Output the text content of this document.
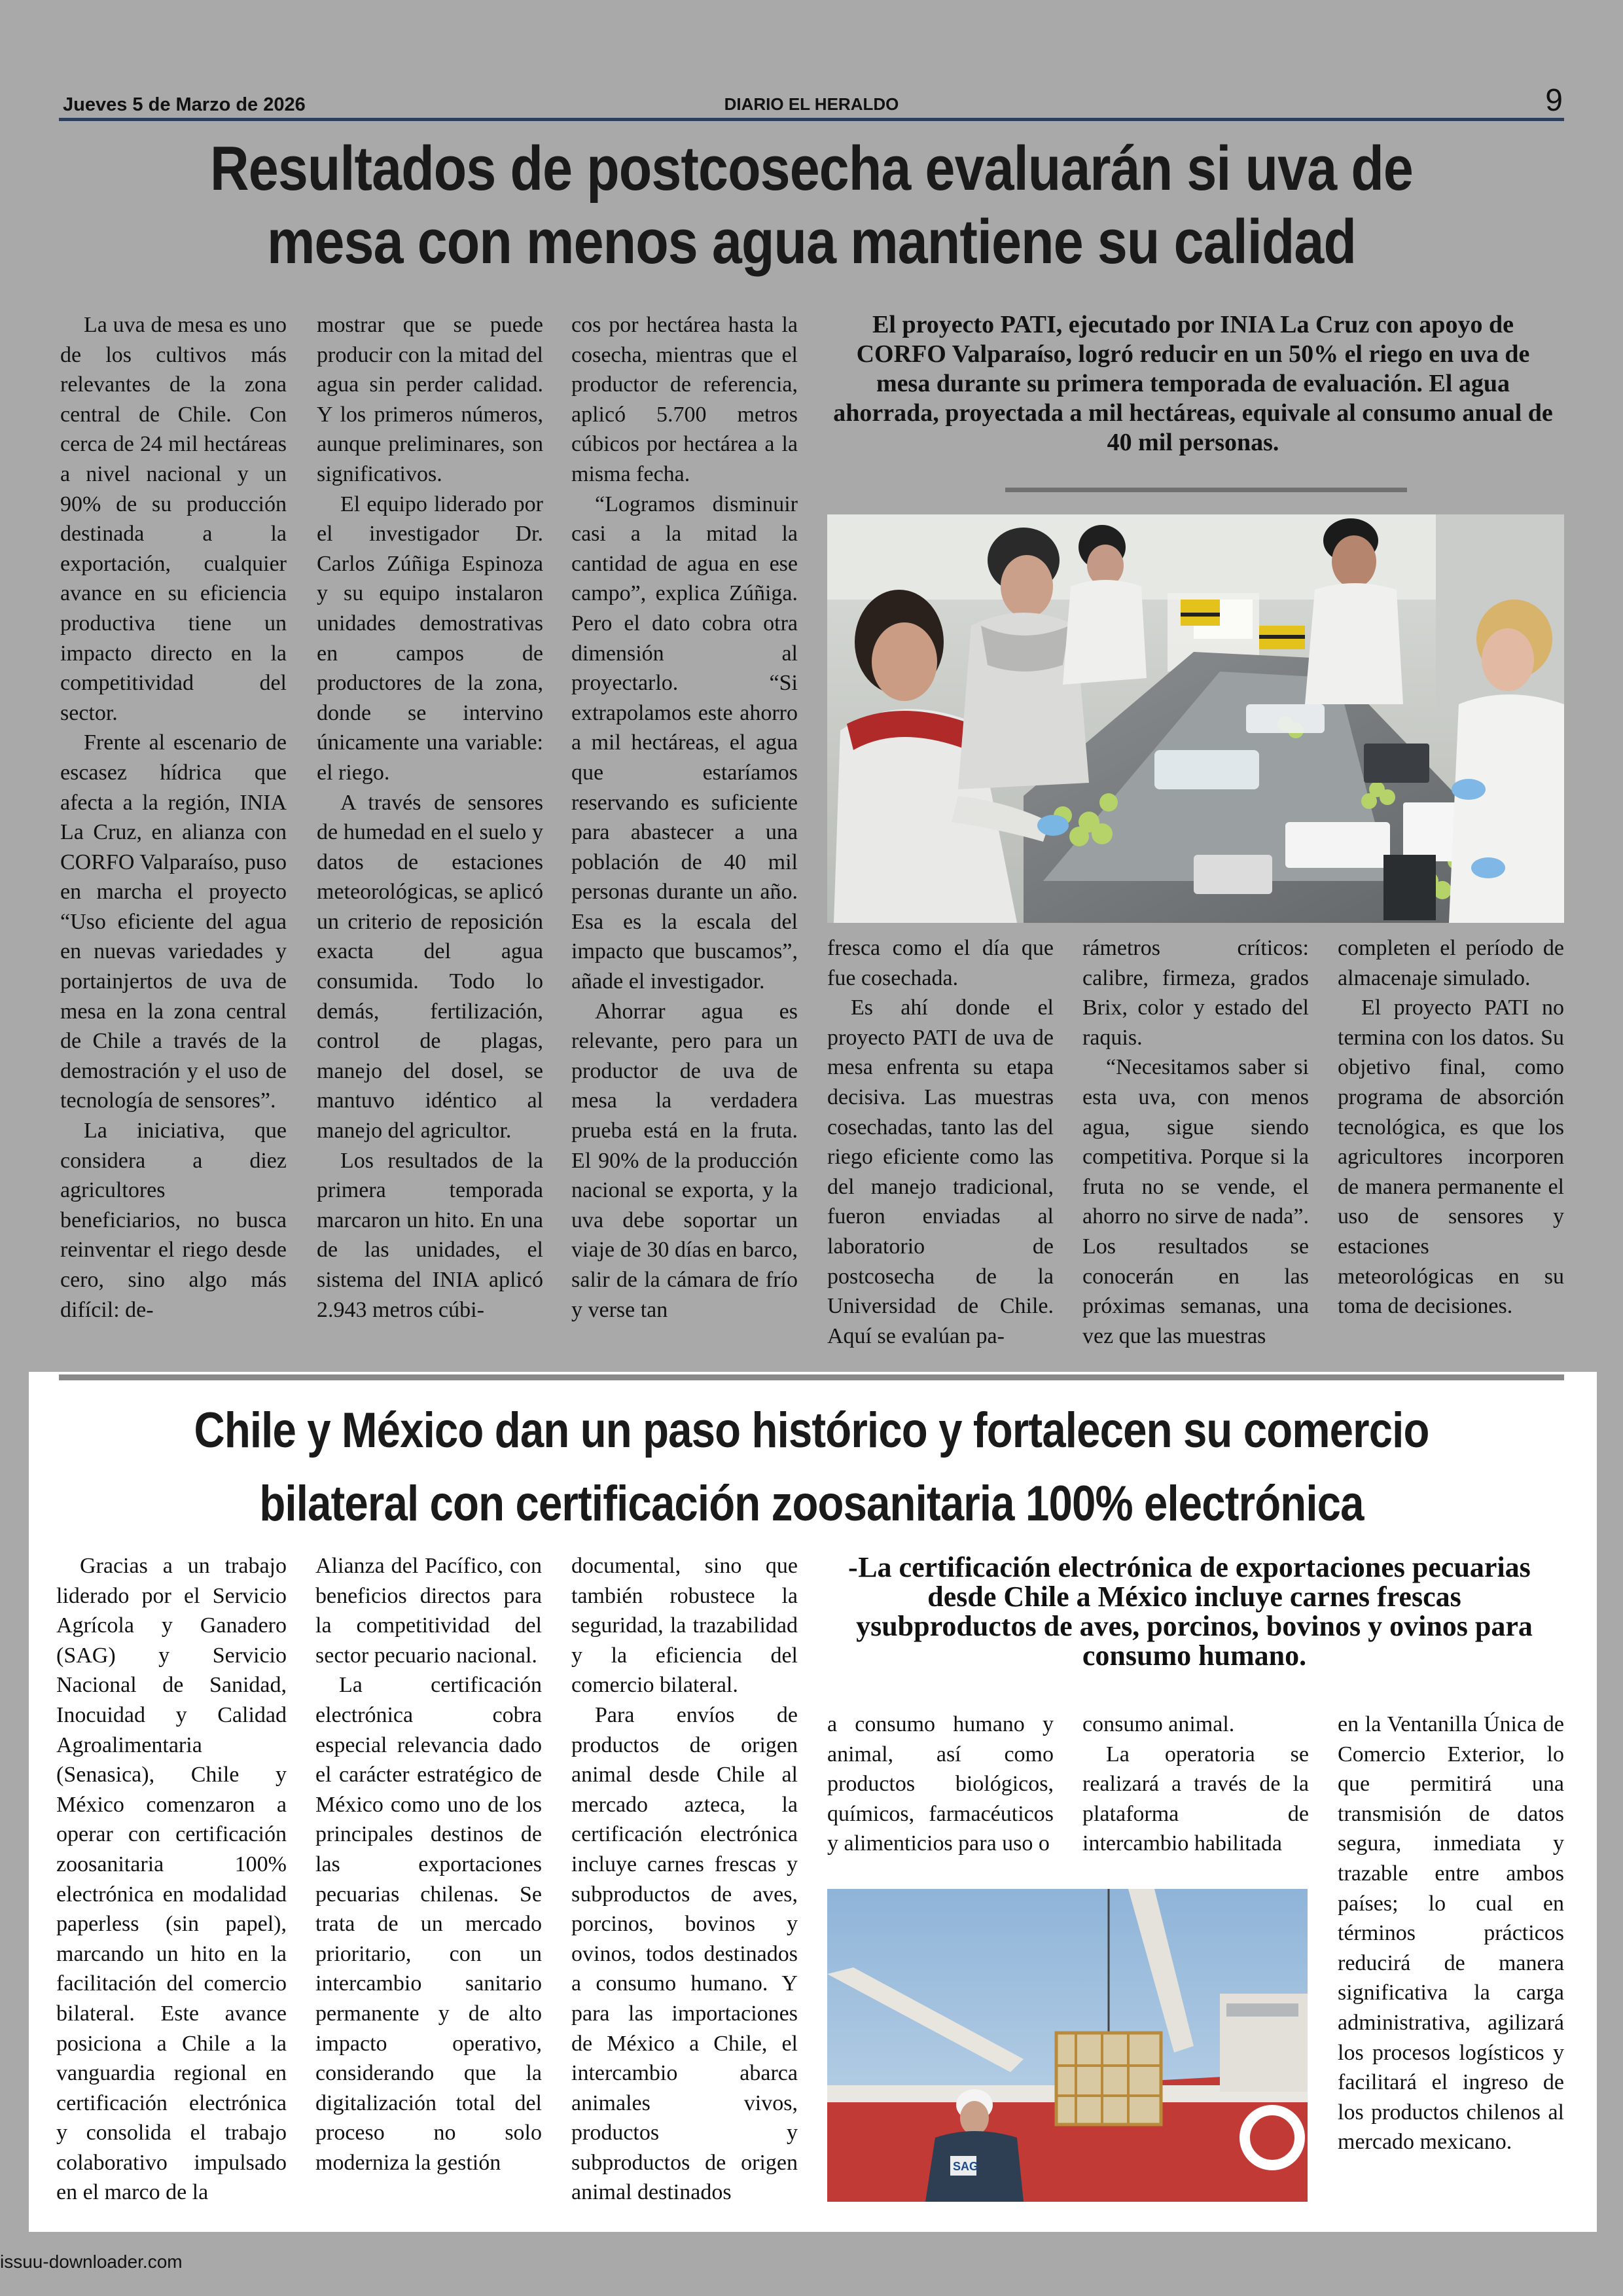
Jueves 5 de Marzo de 2026	DIARIO EL HERALDO	9
Resultados de postcosecha evaluarán si uva de
mesa con menos agua mantiene su calidad

La uva de mesa es uno de los cultivos más relevantes de la zona central de Chile. Con cerca de 24 mil hectáreas a nivel nacional y un 90% de su producción destinada a la exportación, cualquier avance en su eficiencia productiva tiene un impacto directo en la competitividad del sector.

Frente al escenario de escasez hídrica que afecta a la región, INIA La Cruz, en alianza con CORFO Valparaíso, puso en marcha el proyecto “Uso eficiente del agua en nuevas variedades y portainjertos de uva de mesa en la zona central de Chile a través de la demostración y el uso de tecnología de sensores”.

La iniciativa, que considera a diez agricultores beneficiarios, no busca reinventar el riego desde cero, sino algo más difícil: de-

mostrar que se puede producir con la mitad del agua sin perder calidad. Y los primeros números, aunque preliminares, son significativos.

El equipo liderado por el investigador Dr. Carlos Zúñiga Espinoza y su equipo instalaron unidades demostrativas en campos de productores de la zona, donde se intervino únicamente una variable: el riego.

A través de sensores de humedad en el suelo y datos de estaciones meteorológicas, se aplicó un criterio de reposición exacta del agua consumida. Todo lo demás, fertilización, control de plagas, manejo del dosel, se mantuvo idéntico al manejo del agricultor.

Los resultados de la primera temporada marcaron un hito. En una de las unidades, el sistema del INIA aplicó 2.943 metros cúbi-

cos por hectárea hasta la cosecha, mientras que el productor de referencia, aplicó 5.700 metros cúbicos por hectárea a la misma fecha.

“Logramos disminuir casi a la mitad la cantidad de agua en ese campo”, explica Zúñiga. Pero el dato cobra otra dimensión al proyectarlo. “Si extrapolamos este ahorro a mil hectáreas, el agua que estaríamos reservando es suficiente para abastecer a una población de 40 mil personas durante un año. Esa es la escala del impacto que buscamos”, añade el investigador.

Ahorrar agua es relevante, pero para un productor de uva de mesa la verdadera prueba está en la fruta. El 90% de la producción nacional se exporta, y la uva debe soportar un viaje de 30 días en barco, salir de la cámara de frío y verse tan

El proyecto PATI, ejecutado por INIA La Cruz con apoyo de CORFO Valparaíso, logró reducir en un 50% el riego en uva de mesa durante su primera temporada de evaluación. El agua ahorrada, proyectada a mil hectáreas, equivale al consumo anual de 40 mil personas.

fresca como el día que fue cosechada.

Es ahí donde el proyecto PATI de uva de mesa enfrenta su etapa decisiva. Las muestras cosechadas, tanto las del riego eficiente como las del manejo tradicional, fueron enviadas al laboratorio de postcosecha de la Universidad de Chile. Aquí se evalúan pa-

rámetros críticos: calibre, firmeza, grados Brix, color y estado del raquis.

“Necesitamos saber si esta uva, con menos agua, sigue siendo competitiva. Porque si la fruta no se vende, el ahorro no sirve de nada”. Los resultados se conocerán en las próximas semanas, una vez que las muestras

completen el período de almacenaje simulado.

El proyecto PATI no termina con los datos. Su objetivo final, como programa de absorción tecnológica, es que los agricultores incorporen de manera permanente el uso de sensores y estaciones meteorológicas en su toma de decisiones.

Chile y México dan un paso histórico y fortalecen su comercio
bilateral con certificación zoosanitaria 100% electrónica

Gracias a un trabajo liderado por el Servicio Agrícola y Ganadero (SAG) y Servicio Nacional de Sanidad, Inocuidad y Calidad Agroalimentaria (Senasica), Chile y México comenzaron a operar con certificación zoosanitaria 100% electrónica en modalidad paperless (sin papel), marcando un hito en la facilitación del comercio bilateral. Este avance posiciona a Chile a la vanguardia regional en certificación electrónica y consolida el trabajo colaborativo impulsado en el marco de la

Alianza del Pacífico, con beneficios directos para la competitividad del sector pecuario nacional.

La certificación electrónica cobra especial relevancia dado el carácter estratégico de México como uno de los principales destinos de las exportaciones pecuarias chilenas. Se trata de un mercado prioritario, con un intercambio sanitario permanente y de alto impacto operativo, considerando que la digitalización total del proceso no solo moderniza la gestión

documental, sino que también robustece la seguridad, la trazabilidad y la eficiencia del comercio bilateral.

Para envíos de productos de origen animal desde Chile al mercado azteca, la certificación electrónica incluye carnes frescas y subproductos de aves, porcinos, bovinos y ovinos, todos destinados a consumo humano. Y para las importaciones de México a Chile, el intercambio abarca animales vivos, productos y subproductos de origen animal destinados

- La certificación electrónica de exportaciones pecuarias desde Chile a México incluye carnes frescas ysubproductos de aves, porcinos, bovinos y ovinos para consumo humano.

a consumo humano y animal, así como productos biológicos, químicos, farmacéuticos y alimenticios para uso o

consumo animal.

La operatoria se realizará a través de la plataforma de intercambio habilitada

en la Ventanilla Única de Comercio Exterior, lo que permitirá una transmisión de datos segura, inmediata y trazable entre ambos países; lo cual en términos prácticos reducirá de manera significativa la carga administrativa, agilizará los procesos logísticos y facilitará el ingreso de los productos chilenos al mercado mexicano.

SAG
issuu-downloader.com
